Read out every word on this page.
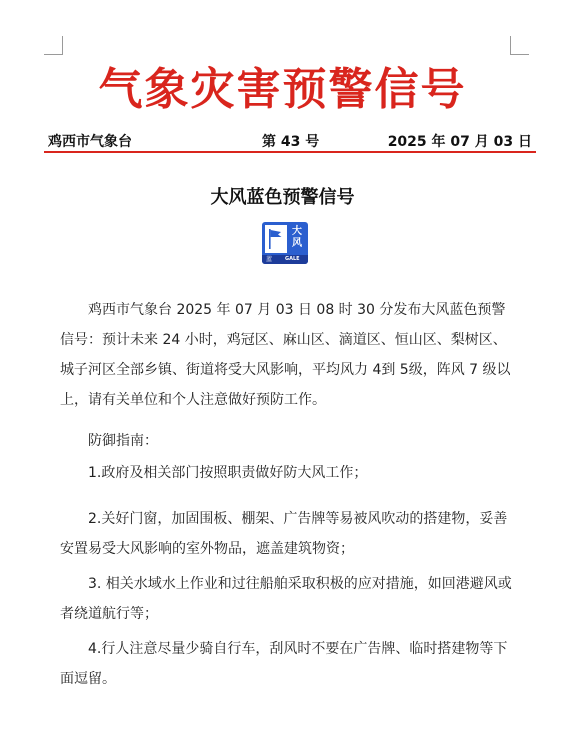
气象灾害预警信号
鸡西市气象台	第 43 号	2025 年 07 月 03 日
大风蓝色预警信号
大
风
蓝	GALE

鸡西市气象台 2025 年 07 月 03 日 08 时 30 分发布大风蓝色预警信号：预计未来 24 小时，鸡冠区、麻山区、滴道区、恒山区、梨树区、城子河区全部乡镇、街道将受大风影响，平均风力 4到 5级，阵风 7 级以上，请有关单位和个人注意做好预防工作。

防御指南：

1.政府及相关部门按照职责做好防大风工作；

2.关好门窗，加固围板、棚架、广告牌等易被风吹动的搭建物，妥善安置易受大风影响的室外物品，遮盖建筑物资；

3. 相关水域水上作业和过往船舶采取积极的应对措施，如回港避风或者绕道航行等；

4.行人注意尽量少骑自行车，刮风时不要在广告牌、临时搭建物等下面逗留。
